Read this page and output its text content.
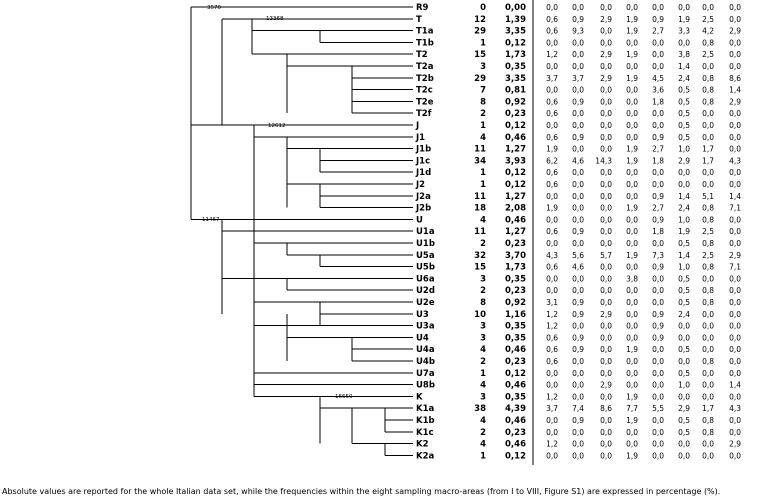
3570
13368
12612
11467
16650
R9	0 0,00	0,0 0,0 0,0 0,0 0,0 0,0 0,0 0,0
T	12 1,39	0,6 0,9 2,9 1,9 0,9 1,9 2,5 0,0
T1a	29 3,35	0,6 9,3 0,0 1,9 2,7 3,3 4,2 2,9
T1b	1 0,12	0,0 0,0 0,0 0,0 0,0 0,0 0,8 0,0
T2	15 1,73	1,2 0,0 2,9 1,9 0,0 3,8 2,5 0,0
T2a	3 0,35	0,0 0,0 0,0 0,0 0,0 1,4 0,0 0,0
T2b	29 3,35	3,7 3,7 2,9 1,9 4,5 2,4 0,8 8,6
T2c	7 0,81	0,0 0,0 0,0 0,0 3,6 0,5 0,8 1,4
T2e	8 0,92	0,6 0,9 0,0 0,0 1,8 0,5 0,8 2,9
T2f	2 0,23	0,6 0,0 0,0 0,0 0,0 0,5 0,0 0,0
J	1 0,12	0,0 0,0 0,0 0,0 0,0 0,5 0,0 0,0
J1	4 0,46	0,6 0,9 0,0 0,0 0,9 0,5 0,0 0,0
J1b	11 1,27	1,9 0,0 0,0 1,9 2,7 1,0 1,7 0,0
J1c	34 3,93	6,2 4,6 14,3 1,9 1,8 2,9 1,7 4,3
J1d	1 0,12	0,6 0,0 0,0 0,0 0,0 0,0 0,0 0,0
J2	1 0,12	0,6 0,0 0,0 0,0 0,0 0,0 0,0 0,0
J2a	11 1,27	0,0 0,0 0,0 0,0 0,9 1,4 5,1 1,4
J2b	18 2,08	1,9 0,0 0,0 1,9 2,7 2,4 0,8 7,1
U	4 0,46	0,0 0,0 0,0 0,0 0,9 1,0 0,8 0,0
U1a	11 1,27	0,6 0,9 0,0 0,0 1,8 1,9 2,5 0,0
U1b	2 0,23	0,0 0,0 0,0 0,0 0,0 0,5 0,8 0,0
U5a	32 3,70	4,3 5,6 5,7 1,9 7,3 1,4 2,5 2,9
U5b	15 1,73	0,6 4,6 0,0 0,0 0,9 1,0 0,8 7,1
U6a	3 0,35	0,0 0,0 0,0 3,8 0,0 0,5 0,0 0,0
U2d	2 0,23	0,0 0,0 0,0 0,0 0,0 0,5 0,8 0,0
U2e	8 0,92	3,1 0,9 0,0 0,0 0,0 0,5 0,8 0,0
U3	10 1,16	1,2 0,9 2,9 0,0 0,9 2,4 0,0 0,0
U3a	3 0,35	1,2 0,0 0,0 0,0 0,9 0,0 0,0 0,0
U4	3 0,35	0,6 0,9 0,0 0,0 0,9 0,0 0,0 0,0
U4a	4 0,46	0,6 0,9 0,0 1,9 0,0 0,5 0,0 0,0
U4b	2 0,23	0,6 0,0 0,0 0,0 0,0 0,0 0,8 0,0
U7a	1 0,12	0,0 0,0 0,0 0,0 0,0 0,5 0,0 0,0
U8b	4 0,46	0,0 0,0 2,9 0,0 0,0 1,0 0,0 1,4
K	3 0,35	1,2 0,0 0,0 1,9 0,0 0,0 0,0 0,0
K1a	38 4,39	3,7 7,4 8,6 7,7 5,5 2,9 1,7 4,3
K1b	4 0,46	0,0 0,9 0,0 1,9 0,0 0,5 0,8 0,0
K1c	2 0,23	0,0 0,0 0,0 0,0 0,0 0,5 0,8 0,0
K2	4 0,46	1,2 0,0 0,0 0,0 0,0 0,0 0,0 2,9
K2a	1 0,12	0,0 0,0 0,0 1,9 0,0 0,0 0,0 0,0
Absolute values are reported for the whole Italian data set, while the frequencies within the eight sampling macro-areas (from I to VIII, Figure S1) are expressed in percentage (%).
